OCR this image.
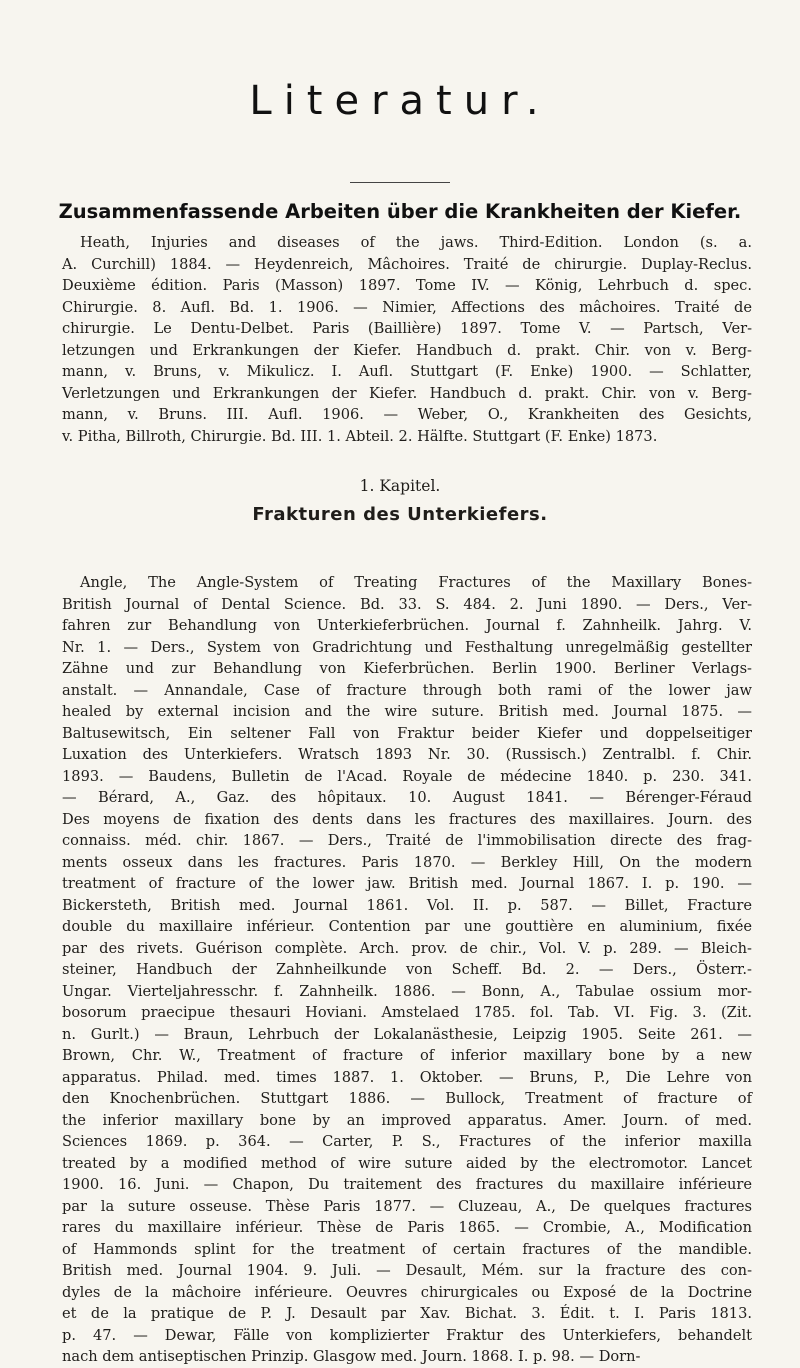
Literatur.
Zusammenfassende Arbeiten über die Krankheiten der Kiefer.
Heath, Injuries and diseases of the jaws. Third-Edition. London (s. a.
A. Curchill) 1884. — Heydenreich, Mâchoires. Traité de chirurgie. Duplay-Reclus.
Deuxième édition. Paris (Masson) 1897. Tome IV. — König, Lehrbuch d. spec.
Chirurgie. 8. Aufl. Bd. 1. 1906. — Nimier, Affections des mâchoires. Traité de
chirurgie. Le Dentu-Delbet. Paris (Baillière) 1897. Tome V. — Partsch, Ver-
letzungen und Erkrankungen der Kiefer. Handbuch d. prakt. Chir. von v. Berg-
mann, v. Bruns, v. Mikulicz. I. Aufl. Stuttgart (F. Enke) 1900. — Schlatter,
Verletzungen und Erkrankungen der Kiefer. Handbuch d. prakt. Chir. von v. Berg-
mann, v. Bruns. III. Aufl. 1906. — Weber, O., Krankheiten des Gesichts,
v. Pitha, Billroth, Chirurgie. Bd. III. 1. Abteil. 2. Hälfte. Stuttgart (F. Enke) 1873.
1. Kapitel.
Frakturen des Unterkiefers.
Angle, The Angle-System of Treating Fractures of the Maxillary Bones-
British Journal of Dental Science. Bd. 33. S. 484. 2. Juni 1890. — Ders., Ver-
fahren zur Behandlung von Unterkieferbrüchen. Journal f. Zahnheilk. Jahrg. V.
Nr. 1. — Ders., System von Gradrichtung und Festhaltung unregelmäßig gestellter
Zähne und zur Behandlung von Kieferbrüchen. Berlin 1900. Berliner Verlags-
anstalt. — Annandale, Case of fracture through both rami of the lower jaw
healed by external incision and the wire suture. British med. Journal 1875. —
Baltusewitsch, Ein seltener Fall von Fraktur beider Kiefer und doppelseitiger
Luxation des Unterkiefers. Wratsch 1893 Nr. 30. (Russisch.) Zentralbl. f. Chir.
1893. — Baudens, Bulletin de l'Acad. Royale de médecine 1840. p. 230. 341.
— Bérard, A., Gaz. des hôpitaux. 10. August 1841. — Bérenger-Féraud
Des moyens de fixation des dents dans les fractures des maxillaires. Journ. des
connaiss. méd. chir. 1867. — Ders., Traité de l'immobilisation directe des frag-
ments osseux dans les fractures. Paris 1870. — Berkley Hill, On the modern
treatment of fracture of the lower jaw. British med. Journal 1867. I. p. 190. —
Bickersteth, British med. Journal 1861. Vol. II. p. 587. — Billet, Fracture
double du maxillaire inférieur. Contention par une gouttière en aluminium, fixée
par des rivets. Guérison complète. Arch. prov. de chir., Vol. V. p. 289. — Bleich-
steiner, Handbuch der Zahnheilkunde von Scheff. Bd. 2. — Ders., Österr.-
Ungar. Vierteljahresschr. f. Zahnheilk. 1886. — Bonn, A., Tabulae ossium mor-
bosorum praecipue thesauri Hoviani. Amstelaed 1785. fol. Tab. VI. Fig. 3. (Zit.
n. Gurlt.) — Braun, Lehrbuch der Lokalanästhesie, Leipzig 1905. Seite 261. —
Brown, Chr. W., Treatment of fracture of inferior maxillary bone by a new
apparatus. Philad. med. times 1887. 1. Oktober. — Bruns, P., Die Lehre von
den Knochenbrüchen. Stuttgart 1886. — Bullock, Treatment of fracture of
the inferior maxillary bone by an improved apparatus. Amer. Journ. of med.
Sciences 1869. p. 364. — Carter, P. S., Fractures of the inferior maxilla
treated by a modified method of wire suture aided by the electromotor. Lancet
1900. 16. Juni. — Chapon, Du traitement des fractures du maxillaire inférieure
par la suture osseuse. Thèse Paris 1877. — Cluzeau, A., De quelques fractures
rares du maxillaire inférieur. Thèse de Paris 1865. — Crombie, A., Modification
of Hammonds splint for the treatment of certain fractures of the mandible.
British med. Journal 1904. 9. Juli. — Desault, Mém. sur la fracture des con-
dyles de la mâchoire inférieure. Oeuvres chirurgicales ou Exposé de la Doctrine
et de la pratique de P. J. Desault par Xav. Bichat. 3. Édit. t. I. Paris 1813.
p. 47. — Dewar, Fälle von komplizierter Fraktur des Unterkiefers, behandelt
nach dem antiseptischen Prinzip. Glasgow med. Journ. 1868. I. p. 98. — Dorn-
